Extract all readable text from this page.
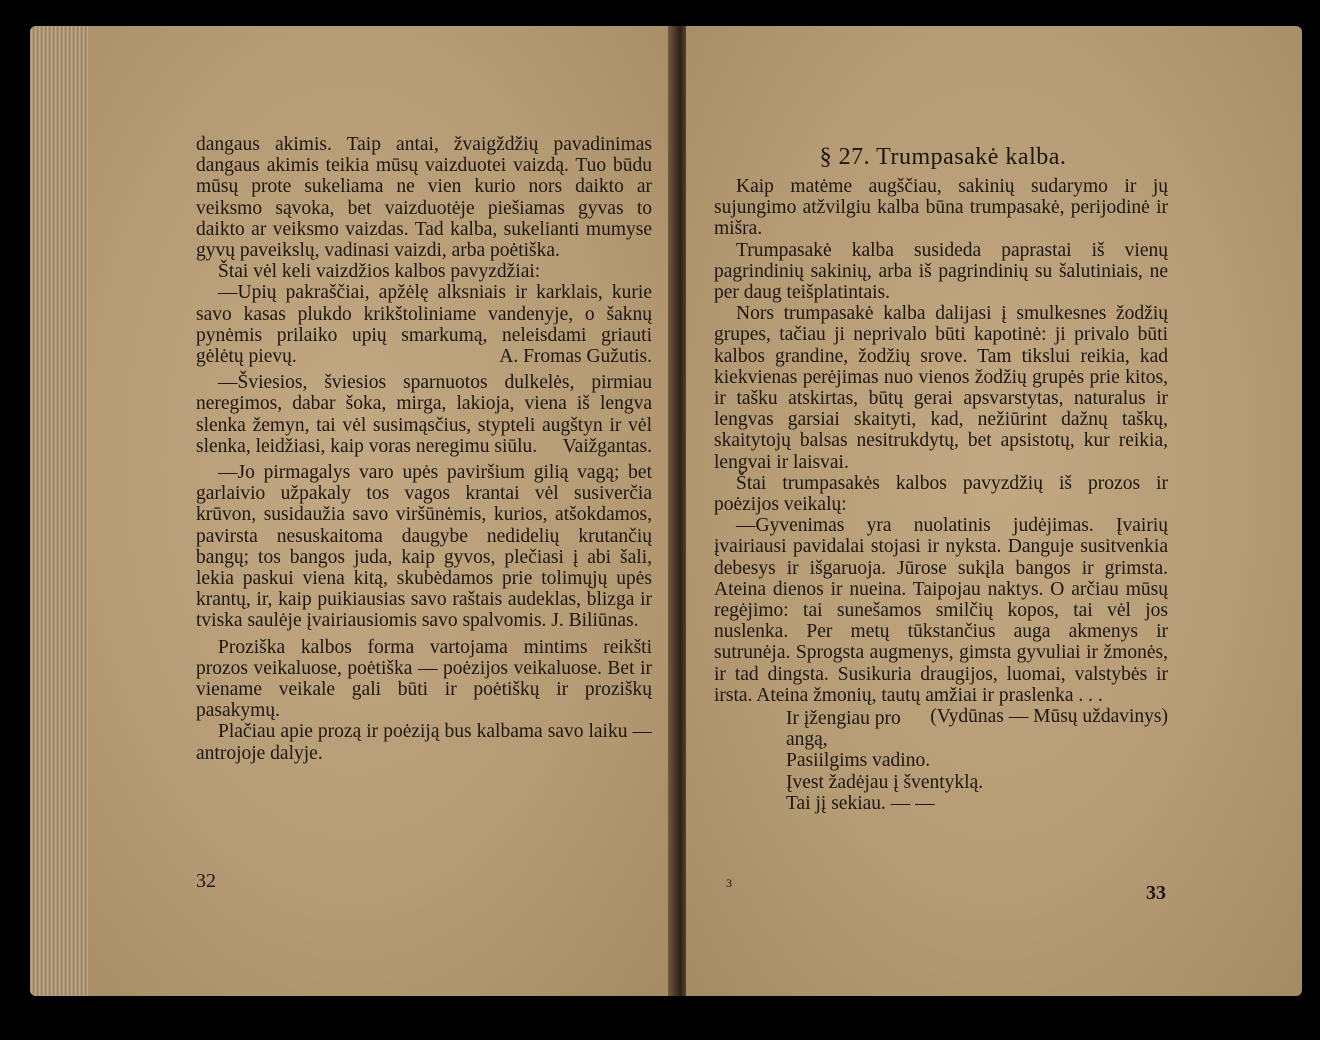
dangaus akimis. Taip antai, žvaigždžių pavadinimas dangaus akimis teikia mūsų vaizduotei vaizdą. Tuo būdu mūsų prote sukeliama ne vien kurio nors daikto ar veiksmo sąvoka, bet vaizduotėje piešiamas gyvas to daikto ar veiksmo vaizdas. Tad kalba, sukelianti mumyse gyvų paveikslų, vadinasi vaizdi, arba poėtiška.

Štai vėl keli vaizdžios kalbos pavyzdžiai:

—Upių pakraščiai, apžėlę alksniais ir karklais, kurie savo kasas plukdo krikštoliniame vandenyje, o šaknų pynėmis prilaiko upių smarkumą, neleisdami griauti gėlėtų pievų.	A. Fromas Gužutis.

—Šviesios, šviesios sparnuotos dulkelės, pirmiau neregimos, dabar šoka, mirga, lakioja, viena iš lengva slenka žemyn, tai vėl susimąsčius, stypteli augštyn ir vėl slenka, leidžiasi, kaip voras neregimu siūlu.	Vaižgantas.

—Jo pirmagalys varo upės paviršium gilią vagą; bet garlaivio užpakaly tos vagos krantai vėl susiverčia krūvon, susidaužia savo viršūnėmis, kurios, atšokdamos, pavirsta nesuskaitoma daugybe nedidelių krutančių bangų; tos bangos juda, kaip gyvos, plečiasi į abi šali, lekia paskui viena kitą, skubėdamos prie tolimųjų upės krantų, ir, kaip puikiausias savo raštais audeklas, blizga ir tviska saulėje įvairiausiomis savo spalvomis. J. Biliūnas.

Proziška kalbos forma vartojama mintims reikšti prozos veikaluose, poėtiška — poėzijos veikaluose. Bet ir viename veikale gali būti ir poėtiškų ir proziškų pasakymų.

Plačiau apie prozą ir poėziją bus kalbama savo laiku — antrojoje dalyje.

32
§ 27. Trumpasakė kalba.

Kaip matėme augščiau, sakinių sudarymo ir jų sujungimo atžvilgiu kalba būna trumpasakė, perijodinė ir mišra.

Trumpasakė kalba susideda paprastai iš vienų pagrindinių sakinių, arba iš pagrindinių su šalutiniais, ne per daug teišplatintais.

Nors trumpasakė kalba dalijasi į smulkesnes žodžių grupes, tačiau ji neprivalo būti kapotinė: ji privalo būti kalbos grandine, žodžių srove. Tam tikslui reikia, kad kiekvienas perėjimas nuo vienos žodžių grupės prie kitos, ir tašku atskirtas, būtų gerai apsvarstytas, naturalus ir lengvas garsiai skaityti, kad, nežiūrint dažnų taškų, skaitytojų balsas nesitrukdytų, bet apsistotų, kur reikia, lengvai ir laisvai.

Štai trumpasakės kalbos pavyzdžių iš prozos ir poėzijos veikalų:

—Gyvenimas yra nuolatinis judėjimas. Įvairių įvairiausi pavidalai stojasi ir nyksta. Danguje susitvenkia debesys ir išgaruoja. Jūrose sukįla bangos ir grimsta. Ateina dienos ir nueina. Taipojau naktys. O arčiau mūsų regėjimo: tai sunešamos smilčių kopos, tai vėl jos nuslenka. Per metų tūkstančius auga akmenys ir sutrunėja. Sprogsta augmenys, gimsta gyvuliai ir žmonės, ir tad dingsta. Susikuria draugijos, luomai, valstybės ir irsta. Ateina žmonių, tautų amžiai ir praslenka . . .
(Vydūnas — Mūsų uždavinys)

Ir įžengiau pro angą,
Pasiilgims vadino.
Įvest žadėjau į šventyklą.
Tai jį sekiau. — —
3	33
